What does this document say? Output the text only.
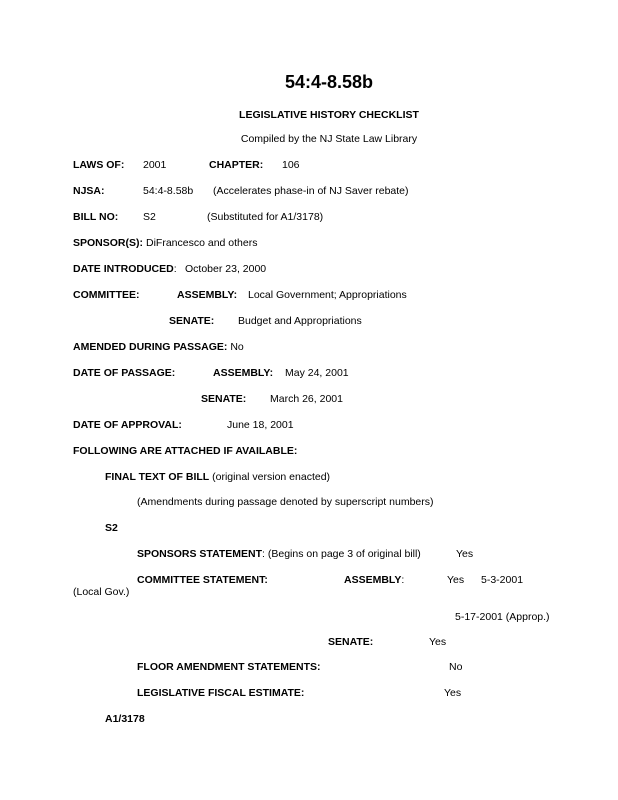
54:4-8.58b
LEGISLATIVE HISTORY CHECKLIST
Compiled by the NJ State Law Library
LAWS OF: 2001	CHAPTER: 106
NJSA:	54:4-8.58b (Accelerates phase-in of NJ Saver rebate)
BILL NO: S2	(Substituted for A1/3178)
SPONSOR(S): DiFrancesco and others
DATE INTRODUCED: October 23, 2000
COMMITTEE:	ASSEMBLY: Local Government; Appropriations
SENATE: Budget and Appropriations
AMENDED DURING PASSAGE: No
DATE OF PASSAGE:	ASSEMBLY: May 24, 2001
SENATE: March 26, 2001
DATE OF APPROVAL:	June 18, 2001
FOLLOWING ARE ATTACHED IF AVAILABLE:
FINAL TEXT OF BILL (original version enacted)
(Amendments during passage denoted by superscript numbers)
S2
SPONSORS STATEMENT: (Begins on page 3 of original bill)	Yes
COMMITTEE STATEMENT:	ASSEMBLY:	Yes 5-3-2001
(Local Gov.)
5-17-2001 (Approp.)
SENATE:	Yes
FLOOR AMENDMENT STATEMENTS:	No
LEGISLATIVE FISCAL ESTIMATE:	Yes
A1/3178
